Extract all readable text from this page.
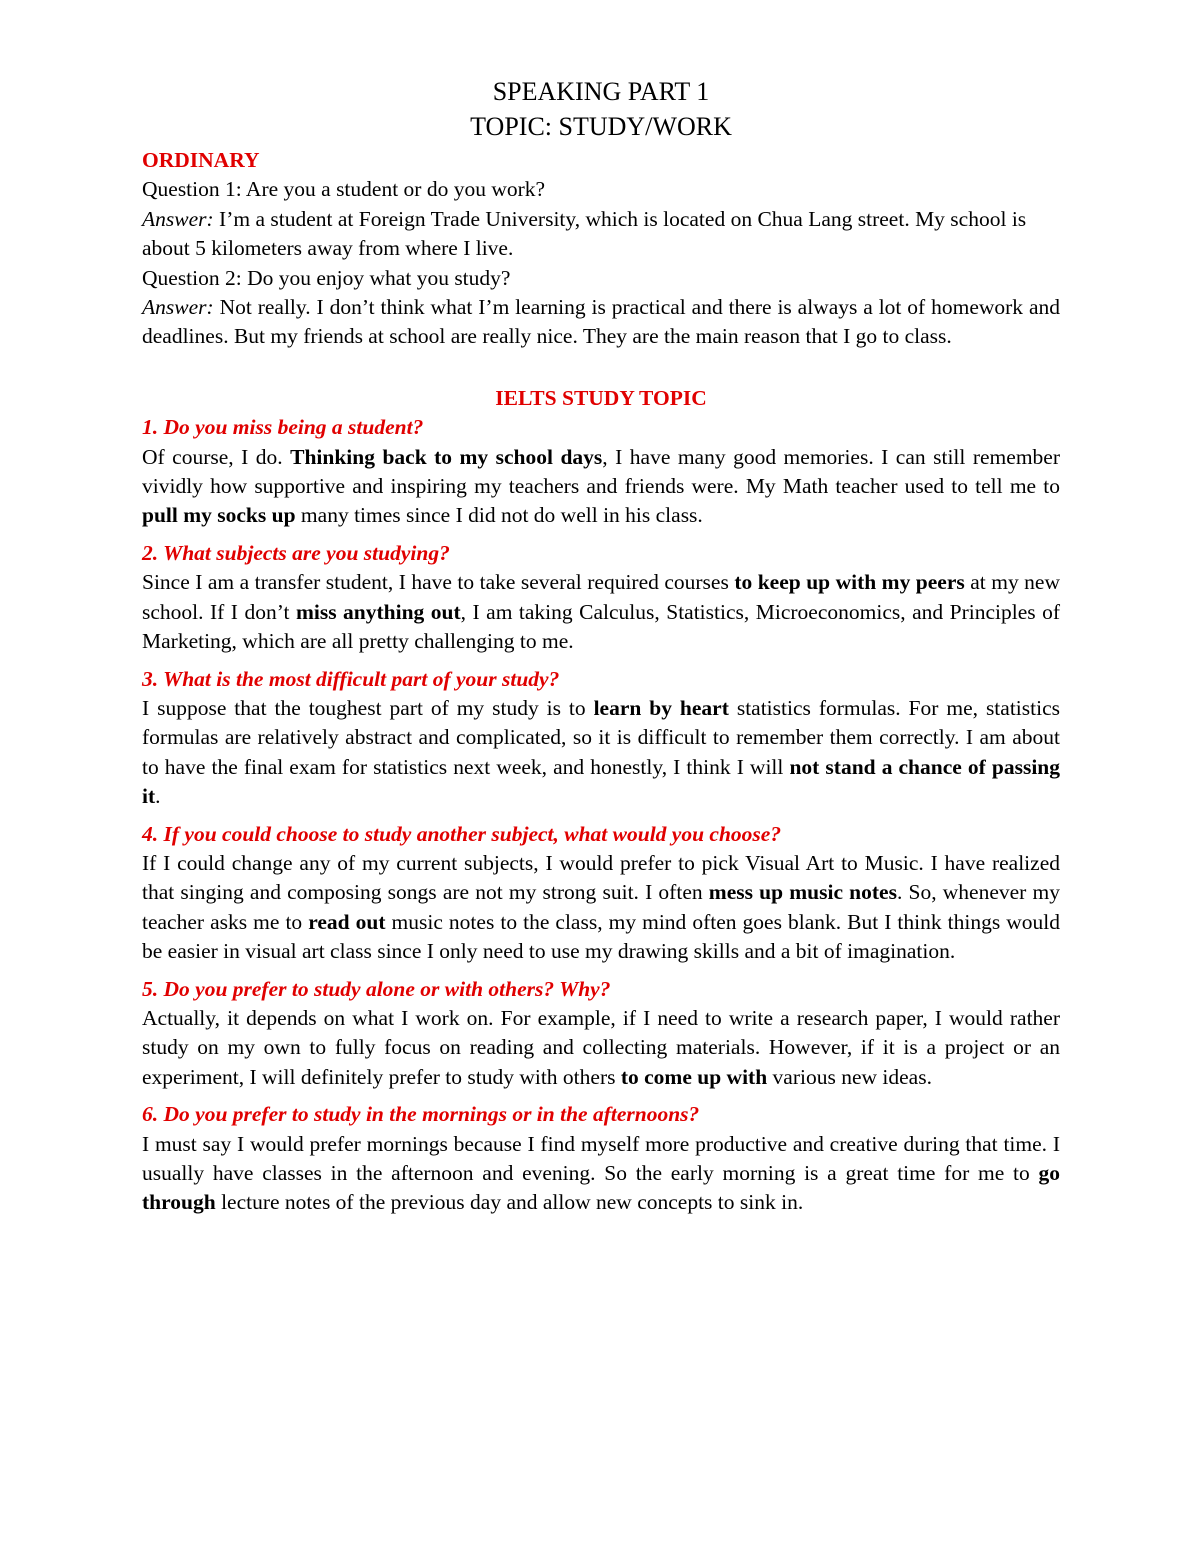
SPEAKING PART 1

TOPIC: STUDY/WORK

ORDINARY

Question 1: Are you a student or do you work?

Answer: I’m a student at Foreign Trade University, which is located on Chua Lang street. My school is about 5 kilometers away from where I live.

Question 2: Do you enjoy what you study?

Answer: Not really. I don’t think what I’m learning is practical and there is always a lot of homework and deadlines. But my friends at school are really nice. They are the main reason that I go to class.

IELTS STUDY TOPIC

1. Do you miss being a student?

Of course, I do. Thinking back to my school days, I have many good memories. I can still remember vividly how supportive and inspiring my teachers and friends were. My Math teacher used to tell me to pull my socks up many times since I did not do well in his class.

2. What subjects are you studying?

Since I am a transfer student, I have to take several required courses to keep up with my peers at my new school. If I don’t miss anything out, I am taking Calculus, Statistics, Microeconomics, and Principles of Marketing, which are all pretty challenging to me.

3. What is the most difficult part of your study?

I suppose that the toughest part of my study is to learn by heart statistics formulas. For me, statistics formulas are relatively abstract and complicated, so it is difficult to remember them correctly. I am about to have the final exam for statistics next week, and honestly, I think I will not stand a chance of passing it.

4. If you could choose to study another subject, what would you choose?

If I could change any of my current subjects, I would prefer to pick Visual Art to Music. I have realized that singing and composing songs are not my strong suit. I often mess up music notes. So, whenever my teacher asks me to read out music notes to the class, my mind often goes blank. But I think things would be easier in visual art class since I only need to use my drawing skills and a bit of imagination.

5. Do you prefer to study alone or with others? Why?

Actually, it depends on what I work on. For example, if I need to write a research paper, I would rather study on my own to fully focus on reading and collecting materials. However, if it is a project or an experiment, I will definitely prefer to study with others to come up with various new ideas.

6. Do you prefer to study in the mornings or in the afternoons?

I must say I would prefer mornings because I find myself more productive and creative during that time. I usually have classes in the afternoon and evening. So the early morning is a great time for me to go through lecture notes of the previous day and allow new concepts to sink in.
